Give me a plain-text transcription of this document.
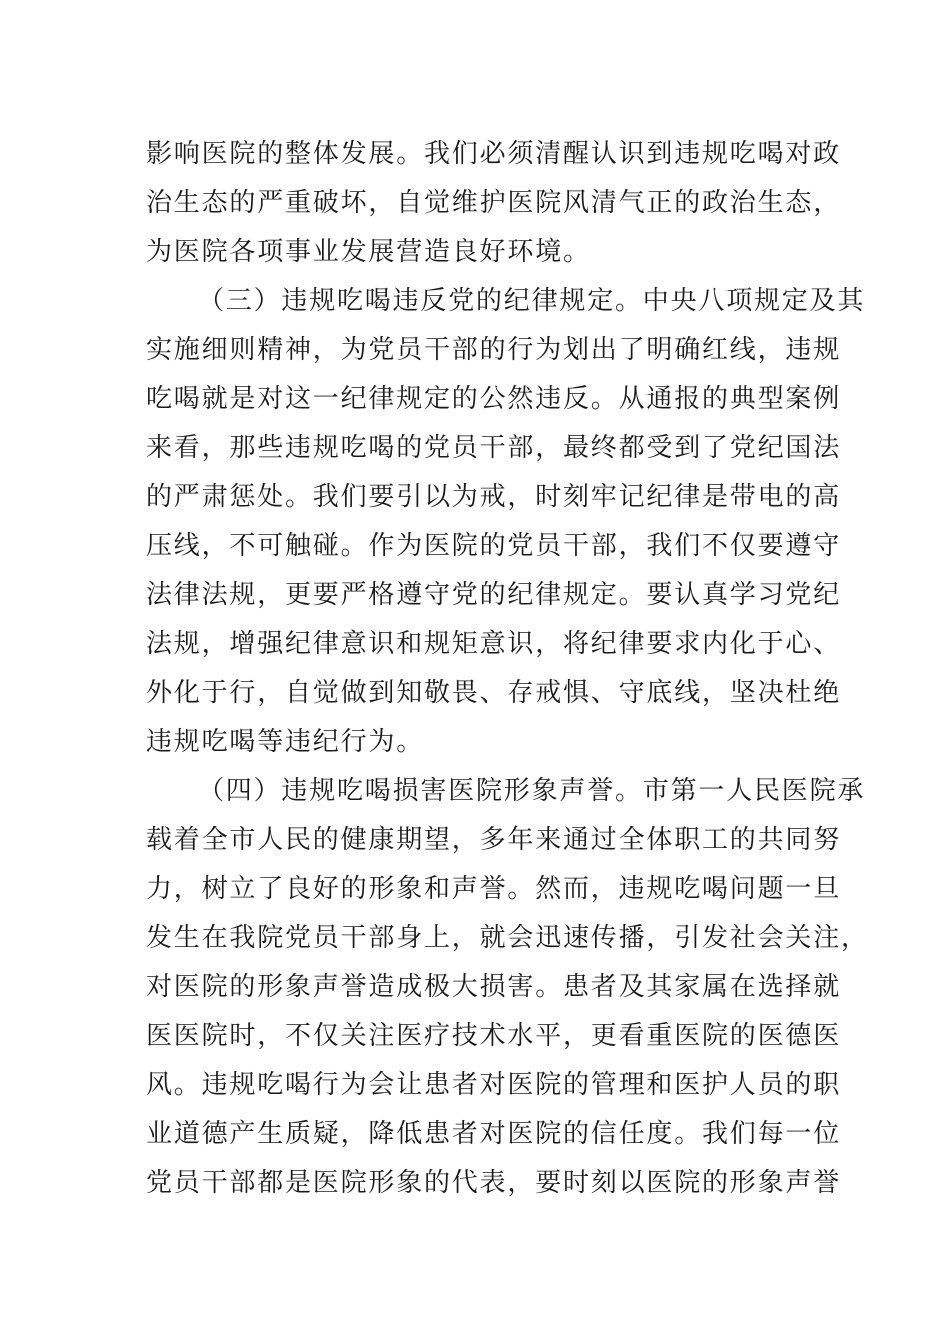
影响医院的整体发展。我们必须清醒认识到违规吃喝对政
治生态的严重破坏，自觉维护医院风清气正的政治生态，
为医院各项事业发展营造良好环境。
（三）违规吃喝违反党的纪律规定。中央八项规定及其
实施细则精神，为党员干部的行为划出了明确红线，违规
吃喝就是对这一纪律规定的公然违反。从通报的典型案例
来看，那些违规吃喝的党员干部，最终都受到了党纪国法
的严肃惩处。我们要引以为戒，时刻牢记纪律是带电的高
压线，不可触碰。作为医院的党员干部，我们不仅要遵守
法律法规，更要严格遵守党的纪律规定。要认真学习党纪
法规，增强纪律意识和规矩意识，将纪律要求内化于心、
外化于行，自觉做到知敬畏、存戒惧、守底线，坚决杜绝
违规吃喝等违纪行为。
（四）违规吃喝损害医院形象声誉。市第一人民医院承
载着全市人民的健康期望，多年来通过全体职工的共同努
力，树立了良好的形象和声誉。然而，违规吃喝问题一旦
发生在我院党员干部身上，就会迅速传播，引发社会关注，
对医院的形象声誉造成极大损害。患者及其家属在选择就
医医院时，不仅关注医疗技术水平，更看重医院的医德医
风。违规吃喝行为会让患者对医院的管理和医护人员的职
业道德产生质疑，降低患者对医院的信任度。我们每一位
党员干部都是医院形象的代表，要时刻以医院的形象声誉
